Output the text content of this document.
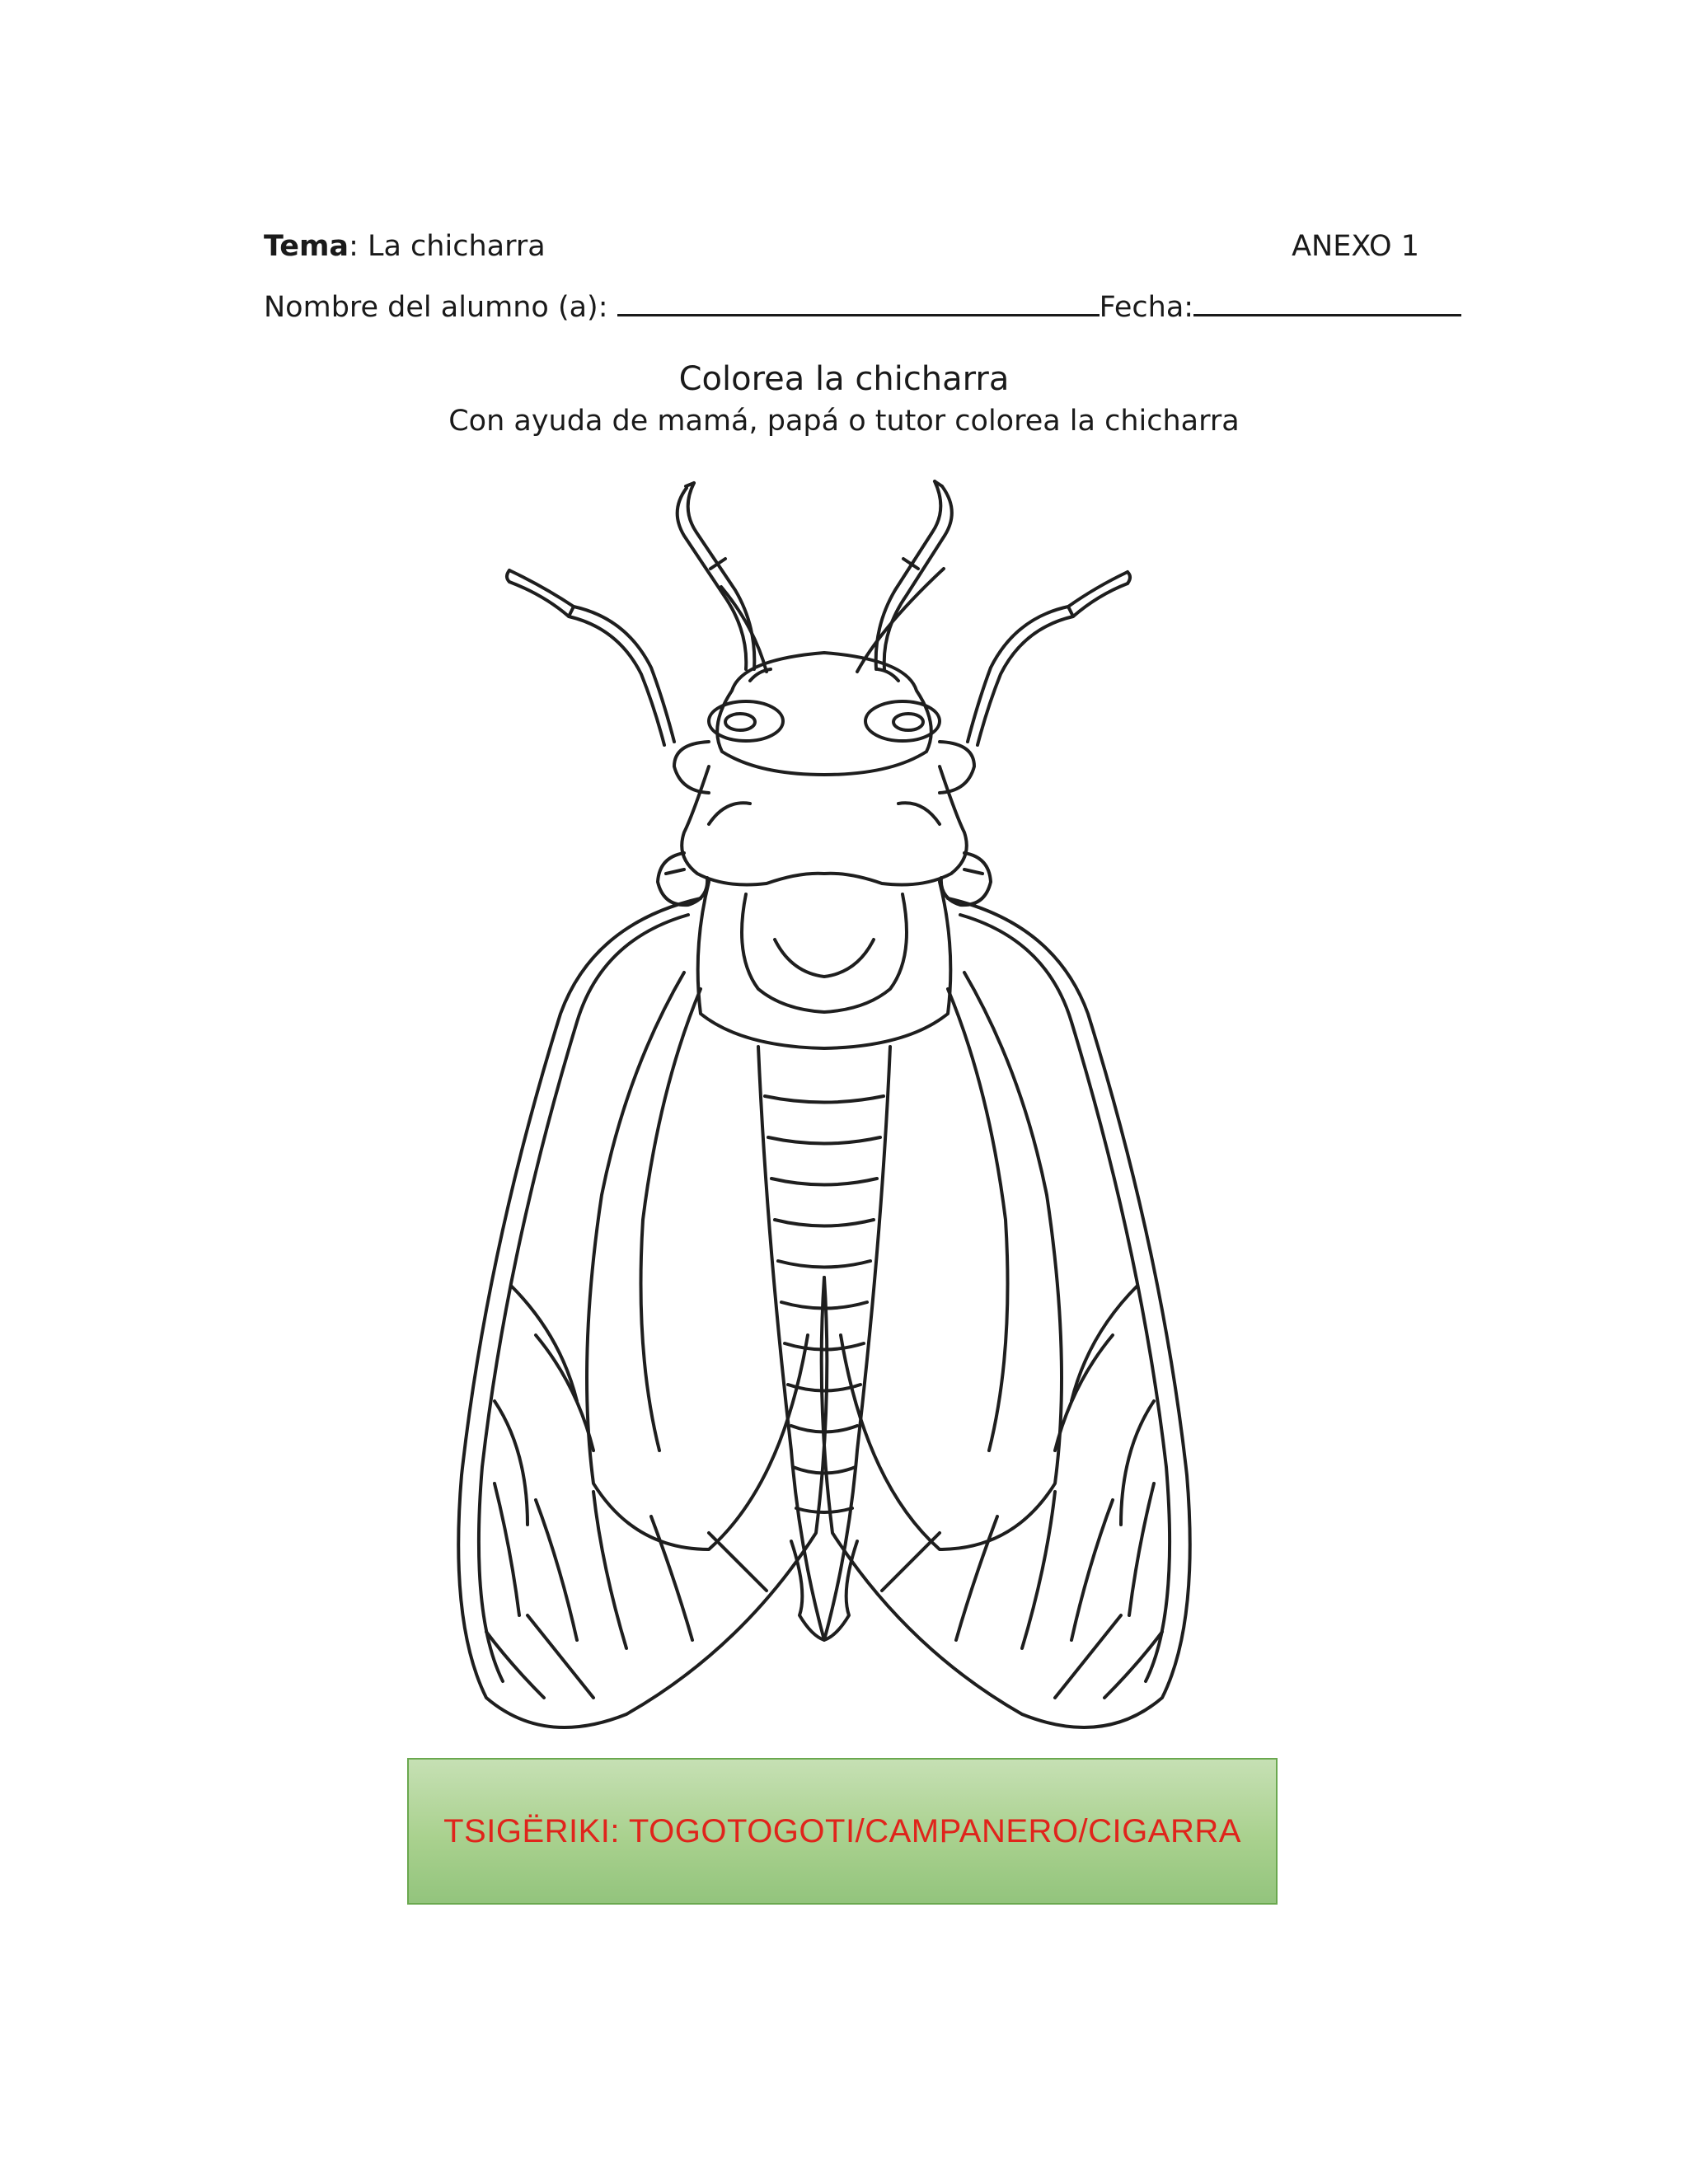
Tema: La chicharra	ANEXO 1
Nombre del alumno (a):	Fecha:
Colorea la chicharra
Con ayuda de mamá, papá o tutor colorea la chicharra
TSIGËRIKI: TOGOTOGOTI/CAMPANERO/CIGARRA
